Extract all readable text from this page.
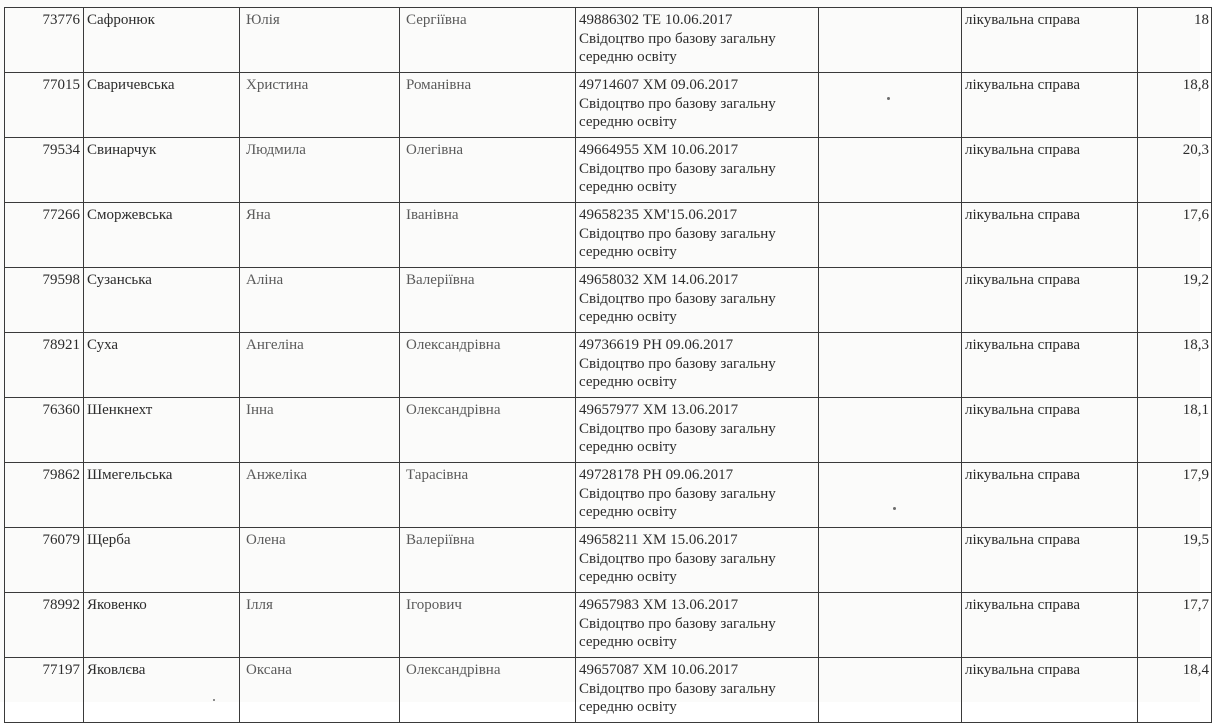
73776	Сафронюк	Юлія	Сергіївна	49886302 ТЕ 10.06.2017
Свідоцтво про базову загальну
середню освіту		лікувальна справа	18
77015	Сваричевська	Христина	Романівна	49714607 ХМ 09.06.2017
Свідоцтво про базову загальну
середню освіту		лікувальна справа	18,8
79534	Свинарчук	Людмила	Олегівна	49664955 ХМ 10.06.2017
Свідоцтво про базову загальну
середню освіту		лікувальна справа	20,3
77266	Сморжевська	Яна	Іванівна	49658235 ХМ'15.06.2017
Свідоцтво про базову загальну
середню освіту		лікувальна справа	17,6
79598	Сузанська	Аліна	Валеріївна	49658032 ХМ 14.06.2017
Свідоцтво про базову загальну
середню освіту		лікувальна справа	19,2
78921	Суха	Ангеліна	Олександрівна	49736619 РН 09.06.2017
Свідоцтво про базову загальну
середню освіту		лікувальна справа	18,3
76360	Шенкнехт	Інна	Олександрівна	49657977 ХМ 13.06.2017
Свідоцтво про базову загальну
середню освіту		лікувальна справа	18,1
79862	Шмегельська	Анжеліка	Тарасівна	49728178 РН 09.06.2017
Свідоцтво про базову загальну
середню освіту		лікувальна справа	17,9
76079	Щерба	Олена	Валеріївна	49658211 ХМ 15.06.2017
Свідоцтво про базову загальну
середню освіту		лікувальна справа	19,5
78992	Яковенко	Ілля	Ігорович	49657983 ХМ 13.06.2017
Свідоцтво про базову загальну
середню освіту		лікувальна справа	17,7
77197	Яковлєва	Оксана	Олександрівна	49657087 ХМ 10.06.2017
Свідоцтво про базову загальну
середню освіту		лікувальна справа	18,4
